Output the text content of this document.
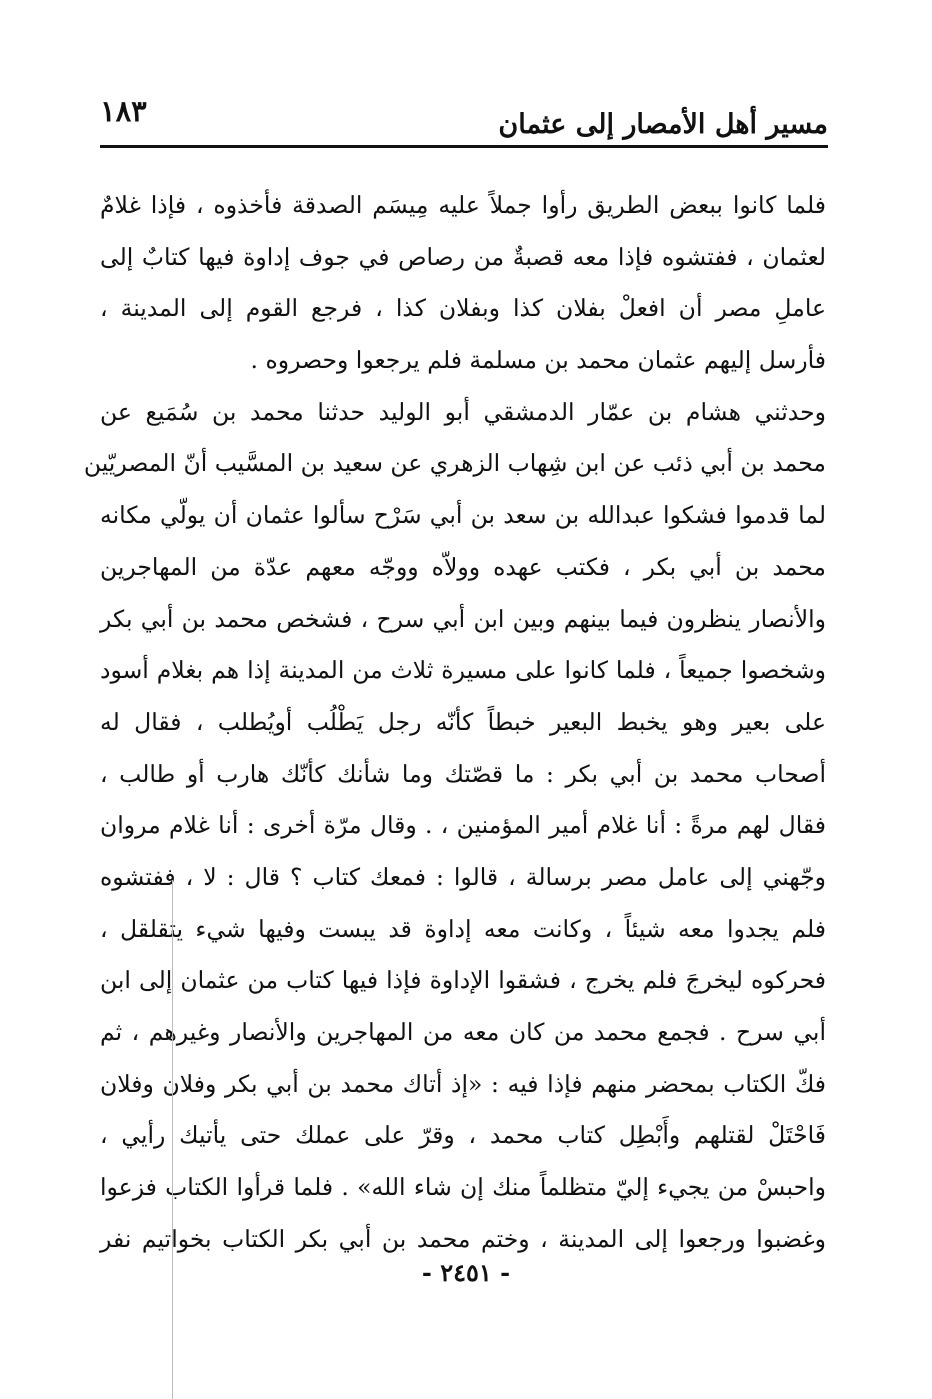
مسير أهل الأمصار إلى عثمان
١٨٣
فلما كانوا ببعض الطريق رأوا جملاً عليه مِيسَم الصدقة فأخذوه ، فإذا غلامٌ
لعثمان ، ففتشوه فإذا معه قصبةٌ من رصاص في جوف إداوة فيها كتابٌ إلى
عاملِ مصر أن افعلْ بفلان كذا وبفلان كذا ، فرجع القوم إلى المدينة ،
فأرسل إليهم عثمان محمد بن مسلمة فلم يرجعوا وحصروه .
وحدثني هشام بن عمّار الدمشقي أبو الوليد حدثنا محمد بن سُمَيع عن
محمد بن أبي ذئب عن ابن شِهاب الزهري عن سعيد بن المسَّيب أنّ المصريّين
لما قدموا فشكوا عبدالله بن سعد بن أبي سَرْح سألوا عثمان أن يولّي مكانه
محمد بن أبي بكر ، فكتب عهده وولاّه ووجّه معهم عدّة من المهاجرين
والأنصار ينظرون فيما بينهم وبين ابن أبي سرح ، فشخص محمد بن أبي بكر
وشخصوا جميعاً ، فلما كانوا على مسيرة ثلاث من المدينة إذا هم بغلام أسود
على بعير وهو يخبط البعير خبطاً كأنّه رجل يَطْلُب أويُطلب ، فقال له
أصحاب محمد بن أبي بكر : ما قصّتك وما شأنك كأنّك هارب أو طالب ،
فقال لهم مرةً : أنا غلام أمير المؤمنين ، . وقال مرّة أخرى : أنا غلام مروان
وجّهني إلى عامل مصر برسالة ، قالوا : فمعك كتاب ؟ قال : لا ، ففتشوه
فلم يجدوا معه شيئاً ، وكانت معه إداوة قد يبست وفيها شيء يتقلقل ،
فحركوه ليخرجَ فلم يخرج ، فشقوا الإداوة فإذا فيها كتاب من عثمان إلى ابن
أبي سرح . فجمع محمد من كان معه من المهاجرين والأنصار وغيرهم ، ثم
فكّ الكتاب بمحضر منهم فإذا فيه : «إذ أتاك محمد بن أبي بكر وفلان وفلان
فَاحْتَلْ لقتلهم وأَبْطِل كتاب محمد ، وقرّ على عملك حتى يأتيك رأيي ،
واحبسْ من يجيء إليّ متظلماً منك إن شاء الله» . فلما قرأوا الكتاب فزعوا
وغضبوا ورجعوا إلى المدينة ، وختم محمد بن أبي بكر الكتاب بخواتيم نفر
- ٢٤٥١ -
